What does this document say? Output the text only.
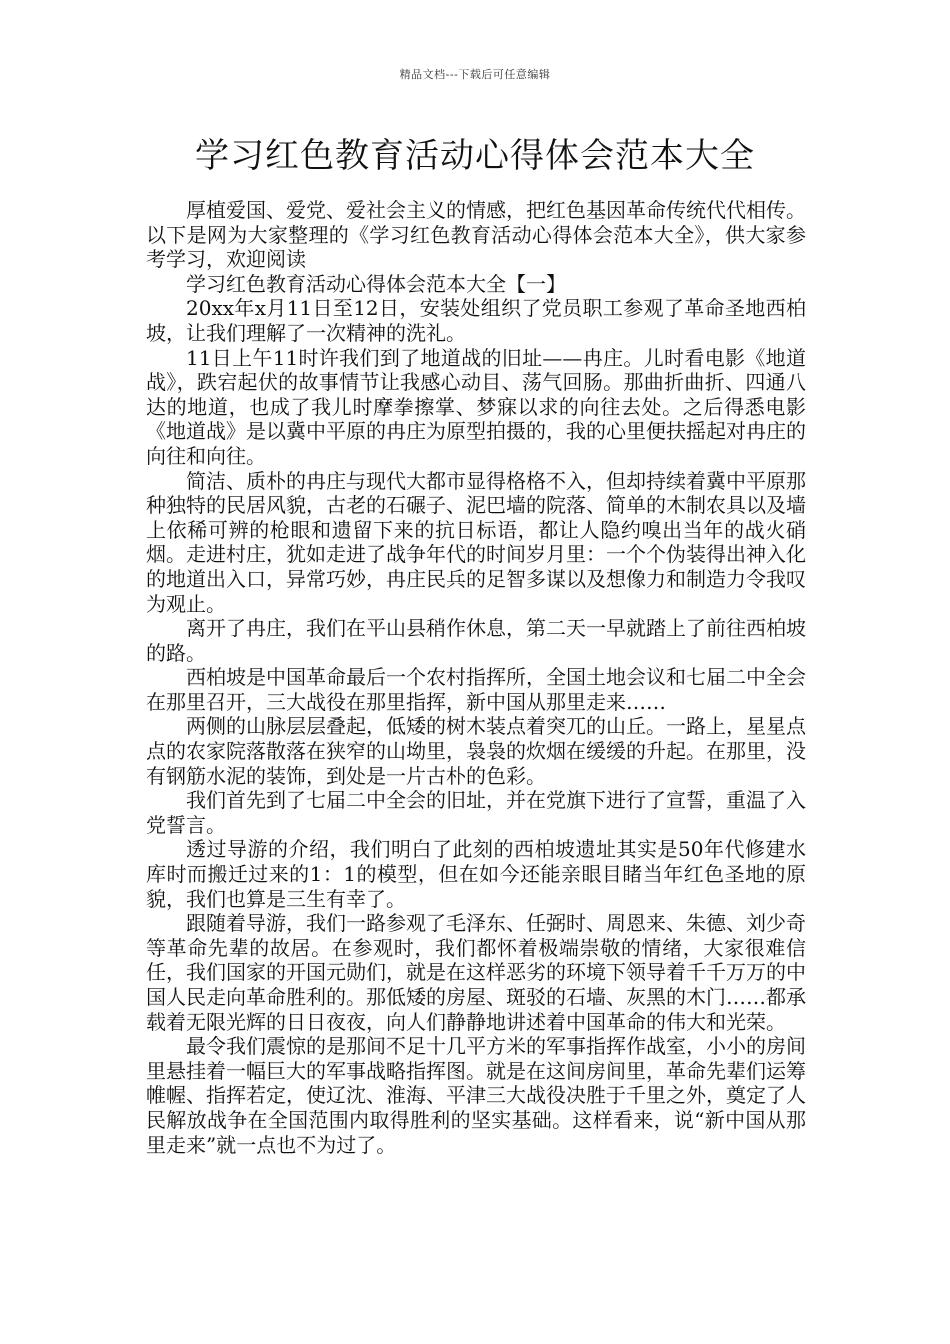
精品文档---下载后可任意编辑
学习红色教育活动心得体会范本大全

厚植爱国、爱党、爱社会主义的情感，把红色基因革命传统代代相传。以下是网为大家整理的《学习红色教育活动心得体会范本大全》，供大家参考学习，欢迎阅读

学习红色教育活动心得体会范本大全【一】

20xx年x月11日至12日，安装处组织了党员职工参观了革命圣地西柏坡，让我们理解了一次精神的洗礼。

11日上午11时许我们到了地道战的旧址——冉庄。儿时看电影《地道战》，跌宕起伏的故事情节让我感心动目、荡气回肠。那曲折曲折、四通八达的地道，也成了我儿时摩拳擦掌、梦寐以求的向往去处。之后得悉电影《地道战》是以冀中平原的冉庄为原型拍摄的，我的心里便扶摇起对冉庄的向往和向往。

简洁、质朴的冉庄与现代大都市显得格格不入，但却持续着冀中平原那种独特的民居风貌，古老的石碾子、泥巴墙的院落、简单的木制农具以及墙上依稀可辨的枪眼和遗留下来的抗日标语，都让人隐约嗅出当年的战火硝烟。走进村庄，犹如走进了战争年代的时间岁月里：一个个伪装得出神入化的地道出入口，异常巧妙，冉庄民兵的足智多谋以及想像力和制造力令我叹为观止。

离开了冉庄，我们在平山县稍作休息，第二天一早就踏上了前往西柏坡的路。

西柏坡是中国革命最后一个农村指挥所，全国土地会议和七届二中全会在那里召开，三大战役在那里指挥，新中国从那里走来……

两侧的山脉层层叠起，低矮的树木装点着突兀的山丘。一路上，星星点点的农家院落散落在狭窄的山坳里，袅袅的炊烟在缓缓的升起。在那里，没有钢筋水泥的装饰，到处是一片古朴的色彩。

我们首先到了七届二中全会的旧址，并在党旗下进行了宣誓，重温了入党誓言。

透过导游的介绍，我们明白了此刻的西柏坡遗址其实是50年代修建水库时而搬迁过来的1：1的模型，但在如今还能亲眼目睹当年红色圣地的原貌，我们也算是三生有幸了。

跟随着导游，我们一路参观了毛泽东、任弼时、周恩来、朱德、刘少奇等革命先辈的故居。在参观时，我们都怀着极端崇敬的情绪，大家很难信任，我们国家的开国元勋们，就是在这样恶劣的环境下领导着千千万万的中国人民走向革命胜利的。那低矮的房屋、斑驳的石墙、灰黑的木门……都承载着无限光辉的日日夜夜，向人们静静地讲述着中国革命的伟大和光荣。

最令我们震惊的是那间不足十几平方米的军事指挥作战室，小小的房间里悬挂着一幅巨大的军事战略指挥图。就是在这间房间里，革命先辈们运筹帷幄、指挥若定，使辽沈、淮海、平津三大战役决胜于千里之外，奠定了人民解放战争在全国范围内取得胜利的坚实基础。这样看来，说“新中国从那里走来”就一点也不为过了。
